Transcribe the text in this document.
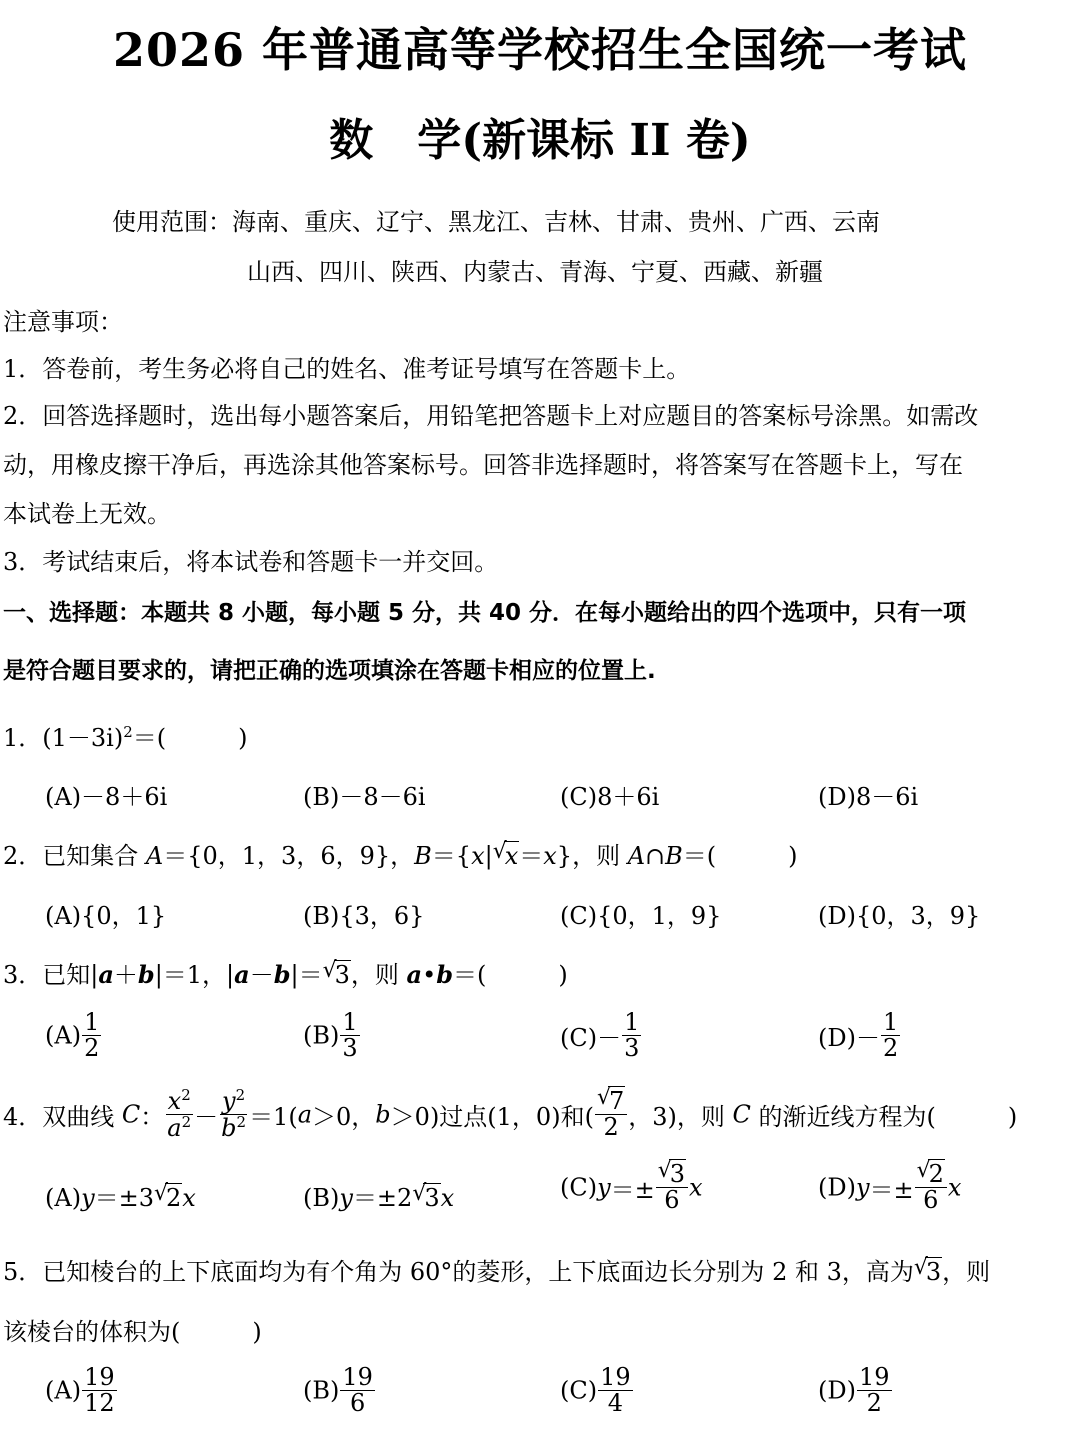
2026 年普通高等学校招生全国统一考试
数　学(新课标 II 卷)
使用范围：海南、重庆、辽宁、黑龙江、吉林、甘肃、贵州、广西、云南
山西、四川、陕西、内蒙古、青海、宁夏、西藏、新疆
注意事项：
1．答卷前，考生务必将自己的姓名、准考证号填写在答题卡上。
2．回答选择题时，选出每小题答案后，用铅笔把答题卡上对应题目的答案标号涂黑。如需改
动，用橡皮擦干净后，再选涂其他答案标号。回答非选择题时，将答案写在答题卡上，写在
本试卷上无效。
3．考试结束后，将本试卷和答题卡一并交回。
一、选择题：本题共 8 小题，每小题 5 分，共 40 分．在每小题给出的四个选项中，只有一项
是符合题目要求的，请把正确的选项填涂在答题卡相应的位置上.
1．$(1-3i)^2=$(　　　)
(A)－8＋6i	(B)－8－6i	(C)8＋6i	(D)8－6i
2．已知集合 A＝{0，1，3，6，9}，B＝{x| √ x＝x}，则 A∩B＝(　　　)
(A){0，1}	(B){3，6}	(C){0，1，9}	(D){0，3，9}
3．已知|a＋b|＝1，|a－b|＝ √ 3，则 a•b＝(　　　)
$(A) \frac{1}{2}$	$(B) \frac{1}{3}$	$(C)- \frac{1}{3}$	$(D)- \frac{1}{2}$
4．双曲线 C： $\frac{x^2}{a^2} - \frac{y^2}{b^2} =1(a>0$，b＞0)过点(1，0)和( √ $\frac{7}{2}$ ，3)，则 C 的渐近线方程为(　　　)
(A)y＝±3 √ 2x	(B)y＝±2 √ 3x	(C)y＝± √ $\frac{3}{6}$ x	(D)y＝± √ $\frac{2}{6}$ x
5．已知棱台的上下底面均为有个角为 60°的菱形，上下底面边长分别为 2 和 3，高为 √ 3，则
该棱台的体积为(　　　)
$(A) \frac{19}{12}$	$(B) \frac{19}{6}$	$(C) \frac{19}{4}$	$(D) \frac{19}{2}$
